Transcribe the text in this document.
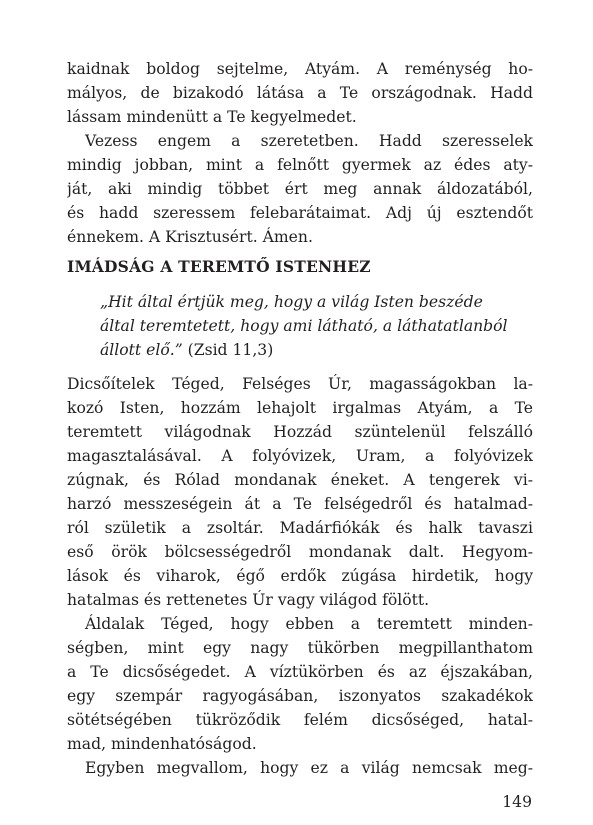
kaidnak boldog sejtelme, Atyám. A reménység ho-
mályos, de bizakodó látása a Te országodnak. Hadd
lássam mindenütt a Te kegyelmedet.
Vezess engem a szeretetben. Hadd szeresselek
mindig jobban, mint a felnőtt gyermek az édes aty-
ját, aki mindig többet ért meg annak áldozatából,
és hadd szeressem felebarátaimat. Adj új esztendőt
énnekem. A Krisztusért. Ámen.
IMÁDSÁG A TEREMTŐ ISTENHEZ
„Hit által értjük meg, hogy a világ Isten beszéde
által teremtetett, hogy ami látható, a láthatatlanból
állott elő.” (Zsid 11,3)
Dicsőítelek Téged, Felséges Úr, magasságokban la-
kozó Isten, hozzám lehajolt irgalmas Atyám, a Te
teremtett világodnak Hozzád szüntelenül felszálló
magasztalásával. A folyóvizek, Uram, a folyóvizek
zúgnak, és Rólad mondanak éneket. A tengerek vi-
harzó messzeségein át a Te felségedről és hatalmad-
ról születik a zsoltár. Madárfiókák és halk tavaszi
eső örök bölcsességedről mondanak dalt. Hegyom-
lások és viharok, égő erdők zúgása hirdetik, hogy
hatalmas és rettenetes Úr vagy világod fölött.
Áldalak Téged, hogy ebben a teremtett minden-
ségben, mint egy nagy tükörben megpillanthatom
a Te dicsőségedet. A víztükörben és az éjszakában,
egy szempár ragyogásában, iszonyatos szakadékok
sötétségében tükröződik felém dicsőséged, hatal-
mad, mindenhatóságod.
Egyben megvallom, hogy ez a világ nemcsak meg-
149
